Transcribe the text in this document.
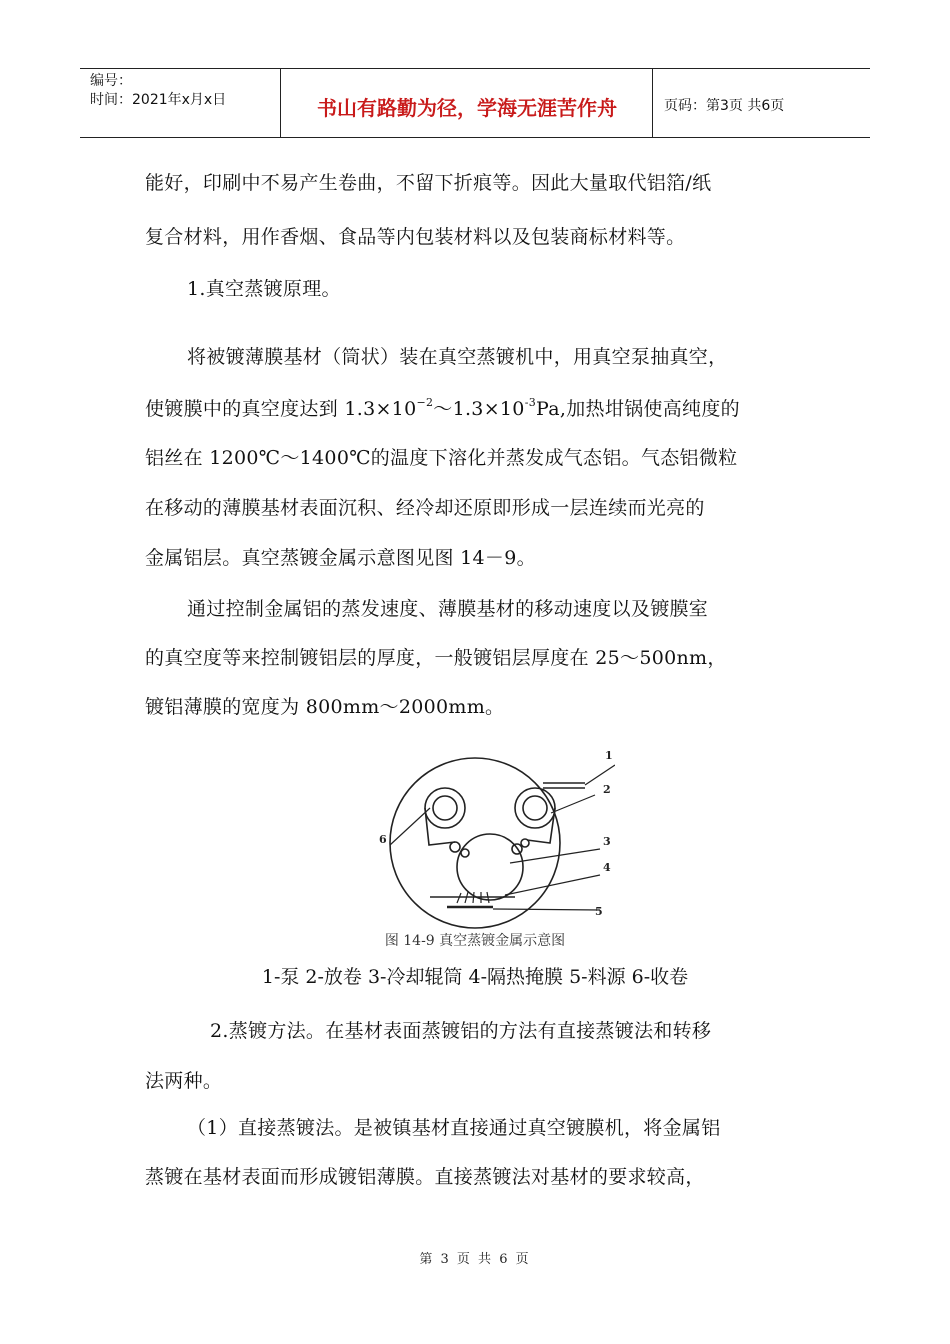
编号：
时间：2021年x月x日	书山有路勤为径，学海无涯苦作舟	页码：第3页 共6页
能好，印刷中不易产生卷曲，不留下折痕等。因此大量取代铝箔/纸
复合材料，用作香烟、食品等内包装材料以及包装商标材料等。
1.真空蒸镀原理。
将被镀薄膜基材（筒状）装在真空蒸镀机中，用真空泵抽真空，
使镀膜中的真空度达到 $1.3\times 10^{-2}\sim 1.3\times 10^{-3}Pa$,加热坩锅使高纯度的
铝丝在 1200℃～1400℃的温度下溶化并蒸发成气态铝。气态铝微粒
在移动的薄膜基材表面沉积、经冷却还原即形成一层连续而光亮的
金属铝层。真空蒸镀金属示意图见图 14－9。
通过控制金属铝的蒸发速度、薄膜基材的移动速度以及镀膜室
的真空度等来控制镀铝层的厚度，一般镀铝层厚度在 25～500nm，
镀铝薄膜的宽度为 800mm～2000mm。
1
2
3
4
5
6
图 14-9 真空蒸镀金属示意图
1-泵 2-放卷 3-冷却辊筒 4-隔热掩膜 5-料源 6-收卷
2.蒸镀方法。在基材表面蒸镀铝的方法有直接蒸镀法和转移
法两种。
（1）直接蒸镀法。是被镇基材直接通过真空镀膜机，将金属铝
蒸镀在基材表面而形成镀铝薄膜。直接蒸镀法对基材的要求较高，
第 3 页 共 6 页
